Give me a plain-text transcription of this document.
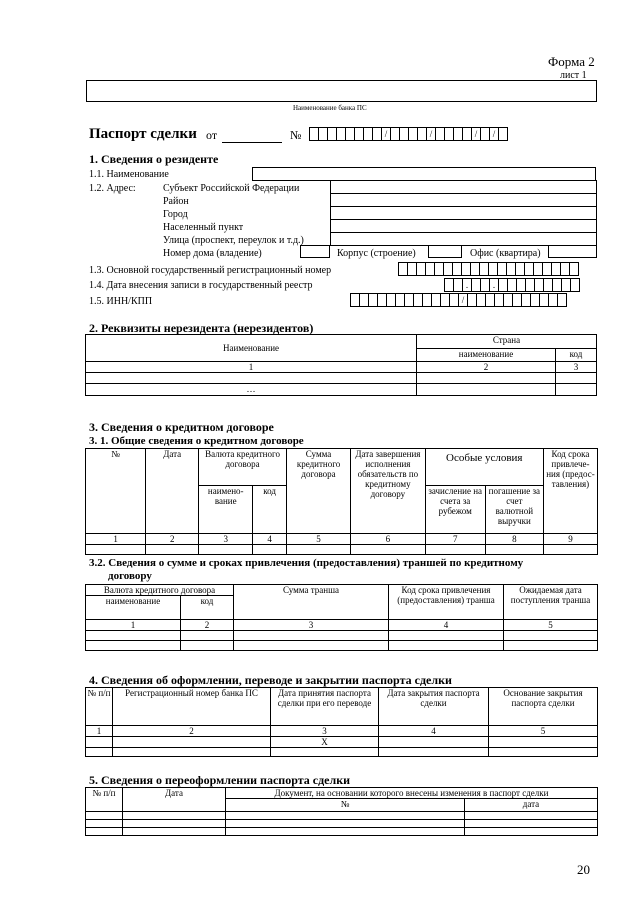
Форма 2
лист 1
Наименование банка ПС
Паспорт сделки от	№	/	/	/	/
1. Сведения о резиденте
1.1. Наименование
1.2. Адрес:	Субъект Российской Федерации
Район
Город
Населенный пункт
Улица (проспект, переулок и т.д.)
Номер дома (владение)	Корпус (строение)	Офис (квартира)
1.3. Основной государственный регистрационный номер
1.4. Дата внесения записи в государственный реестр	.	.
1.5. ИНН/КПП	/
2. Реквизиты нерезидента (нерезидентов)
Наименование	Страна	
	наименование	код
1	2	3

…		
3. Сведения о кредитном договоре
3. 1. Общие сведения о кредитном договоре
№	Дата	Валюта кредитного договора		Сумма кредитного договора	Дата завершения исполнения обязательств по кредитному договору	Особые условия		Код срока привлече- ния (предос- тавления)
		наимено- вание	код			зачисление на счета за рубежом	погашение за счет валютной выручки	
1	2	3	4	5	6	7	8	9

3.2. Сведения о сумме и сроках привлечения (предоставления) траншей по кредитному
договору
Валюта кредитного договора		Сумма транша	Код срока привлечения (предоставления) транша	Ожидаемая дата поступления транша
наименование	код			
1	2	3	4	5

4. Сведения об оформлении, переводе и закрытии паспорта сделки
№ п/п	Регистрационный номер банка ПС	Дата принятия паспорта сделки при его переводе	Дата закрытия паспорта сделки	Основание закрытия паспорта сделки
1	2	3	4	5
		X		

5. Сведения о переоформлении паспорта сделки
№ п/п	Дата	Документ, на основании которого внесены изменения в паспорт сделки	
		№	дата

20
